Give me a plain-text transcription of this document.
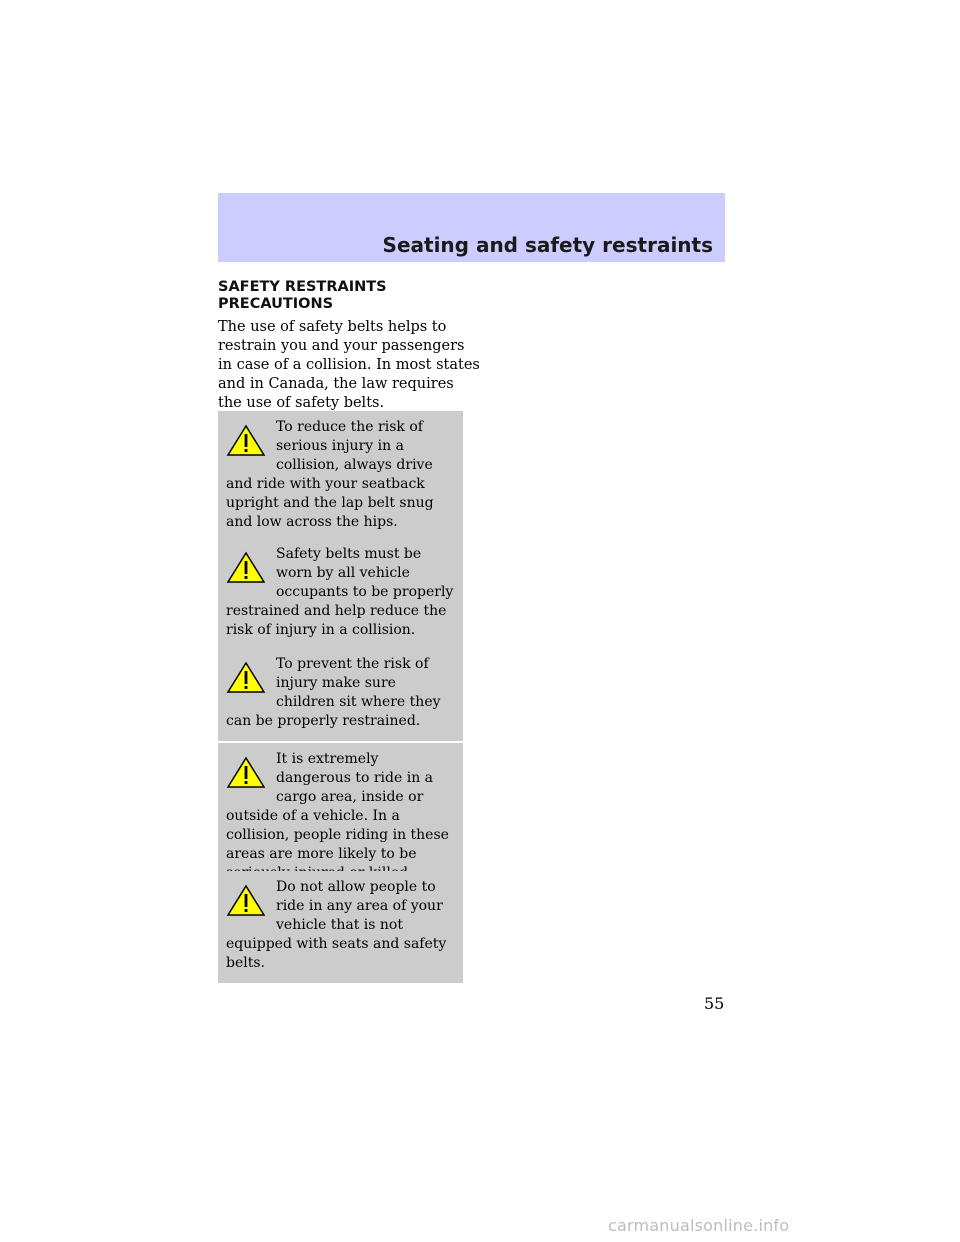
Seating and safety restraints
SAFETY RESTRAINTS PRECAUTIONS
The use of safety belts helps to restrain you and your passengers in case of a collision. In most states and in Canada, the law requires the use of safety belts.
To reduce the risk of serious injury in a collision, always drive and ride with your seatback upright and the lap belt snug and low across the hips.
Safety belts must be worn by all vehicle occupants to be properly restrained and help reduce the risk of injury in a collision.
To prevent the risk of injury make sure children sit where they can be properly restrained.
It is extremely dangerous to ride in a cargo area, inside or outside of a vehicle. In a collision, people riding in these areas are more likely to be
Do not allow people to ride in any area of your vehicle that is not equipped with seats and safety belts.
55
carmanualsonline.info
